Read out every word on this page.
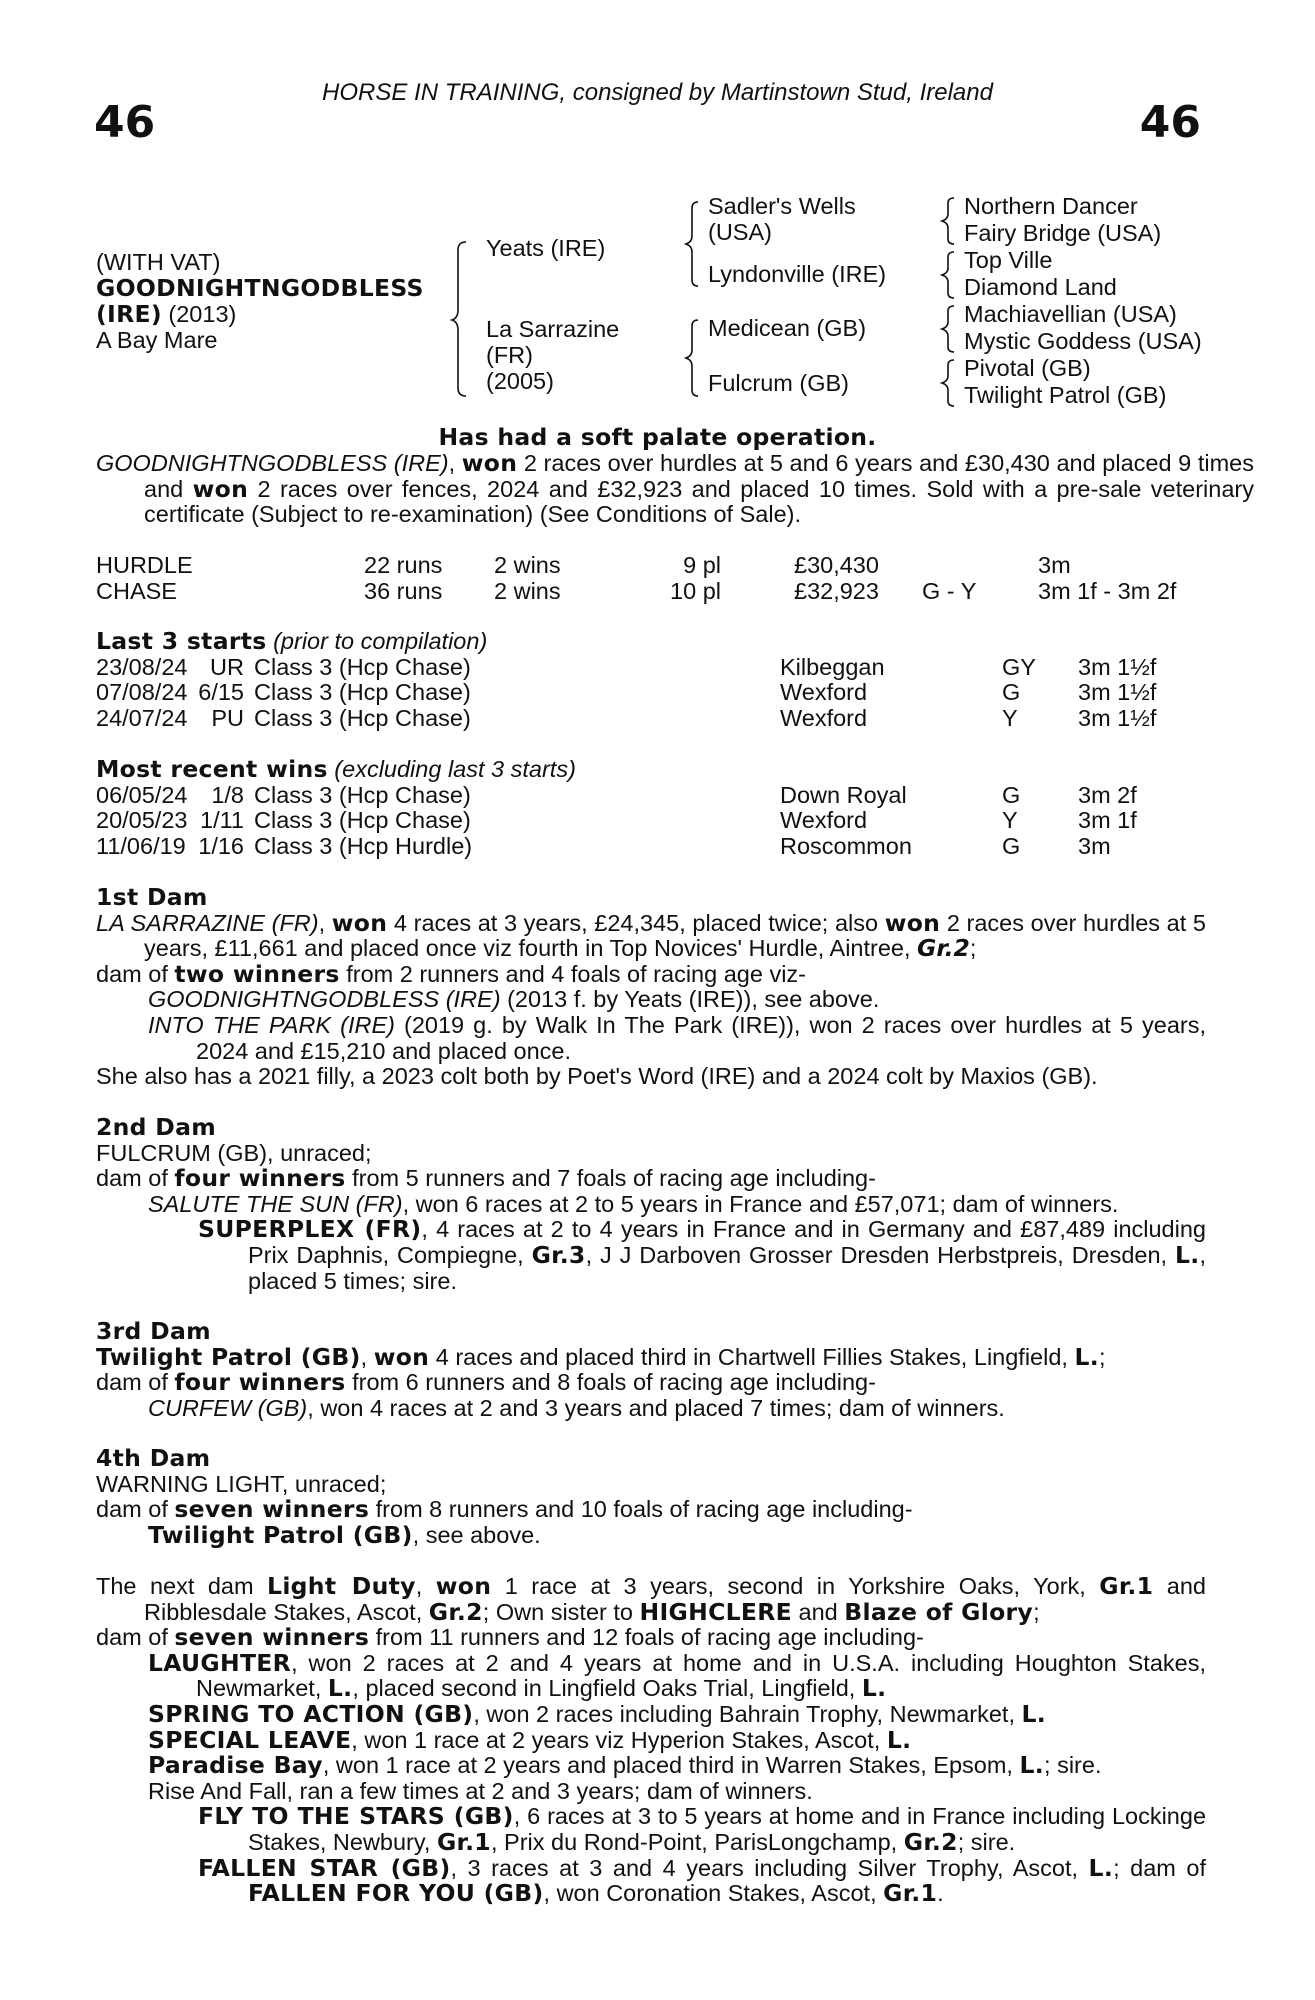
HORSE IN TRAINING, consigned by Martinstown Stud, Ireland
46	46
(WITH VAT)
GOODNIGHTNGODBLESS
(IRE) (2013)
A Bay Mare
Yeats (IRE)
La Sarrazine
(FR)
(2005)
Sadler's Wells
(USA)
Lyndonville (IRE)
Medicean (GB)
Fulcrum (GB)
Northern Dancer
Fairy Bridge (USA)
Top Ville
Diamond Land
Machiavellian (USA)
Mystic Goddess (USA)
Pivotal (GB)
Twilight Patrol (GB)
Has had a soft palate operation.
GOODNIGHTNGODBLESS (IRE), won 2 races over hurdles at 5 and 6 years and £30,430 and placed 9 times and won 2 races over fences, 2024 and £32,923 and placed 10 times. Sold with a pre-sale veterinary certificate (Subject to re-examination) (See Conditions of Sale).
HURDLE	22 runs	2 wins	9 pl	£30,430		3m
CHASE	36 runs	2 wins	10 pl	£32,923	G - Y	3m 1f - 3m 2f
Last 3 starts (prior to compilation)
23/08/24	UR	Class 3 (Hcp Chase)	Kilbeggan	GY	3m 1½f
07/08/24	6/15	Class 3 (Hcp Chase)	Wexford	G	3m 1½f
24/07/24	PU	Class 3 (Hcp Chase)	Wexford	Y	3m 1½f
Most recent wins (excluding last 3 starts)
06/05/24	1/8	Class 3 (Hcp Chase)	Down Royal	G	3m 2f
20/05/23	1/11	Class 3 (Hcp Chase)	Wexford	Y	3m 1f
11/06/19	1/16	Class 3 (Hcp Hurdle)	Roscommon	G	3m
1st Dam
LA SARRAZINE (FR), won 4 races at 3 years, £24,345, placed twice; also won 2 races over hurdles at 5 years, £11,661 and placed once viz fourth in Top Novices' Hurdle, Aintree, Gr.2;
dam of two winners from 2 runners and 4 foals of racing age viz-
GOODNIGHTNGODBLESS (IRE) (2013 f. by Yeats (IRE)), see above.
INTO THE PARK (IRE) (2019 g. by Walk In The Park (IRE)), won 2 races over hurdles at 5 years, 2024 and £15,210 and placed once.
She also has a 2021 filly, a 2023 colt both by Poet's Word (IRE) and a 2024 colt by Maxios (GB).
2nd Dam
FULCRUM (GB), unraced;
dam of four winners from 5 runners and 7 foals of racing age including-
SALUTE THE SUN (FR), won 6 races at 2 to 5 years in France and £57,071; dam of winners.
SUPERPLEX (FR), 4 races at 2 to 4 years in France and in Germany and £87,489 including Prix Daphnis, Compiegne, Gr.3, J J Darboven Grosser Dresden Herbstpreis, Dresden, L., placed 5 times; sire.
3rd Dam
Twilight Patrol (GB), won 4 races and placed third in Chartwell Fillies Stakes, Lingfield, L.;
dam of four winners from 6 runners and 8 foals of racing age including-
CURFEW (GB), won 4 races at 2 and 3 years and placed 7 times; dam of winners.
4th Dam
WARNING LIGHT, unraced;
dam of seven winners from 8 runners and 10 foals of racing age including-
Twilight Patrol (GB), see above.
The next dam Light Duty, won 1 race at 3 years, second in Yorkshire Oaks, York, Gr.1 and Ribblesdale Stakes, Ascot, Gr.2; Own sister to HIGHCLERE and Blaze of Glory;
dam of seven winners from 11 runners and 12 foals of racing age including-
LAUGHTER, won 2 races at 2 and 4 years at home and in U.S.A. including Houghton Stakes, Newmarket, L., placed second in Lingfield Oaks Trial, Lingfield, L.
SPRING TO ACTION (GB), won 2 races including Bahrain Trophy, Newmarket, L.
SPECIAL LEAVE, won 1 race at 2 years viz Hyperion Stakes, Ascot, L.
Paradise Bay, won 1 race at 2 years and placed third in Warren Stakes, Epsom, L.; sire.
Rise And Fall, ran a few times at 2 and 3 years; dam of winners.
FLY TO THE STARS (GB), 6 races at 3 to 5 years at home and in France including Lockinge Stakes, Newbury, Gr.1, Prix du Rond-Point, ParisLongchamp, Gr.2; sire.
FALLEN STAR (GB), 3 races at 3 and 4 years including Silver Trophy, Ascot, L.; dam of FALLEN FOR YOU (GB), won Coronation Stakes, Ascot, Gr.1.
